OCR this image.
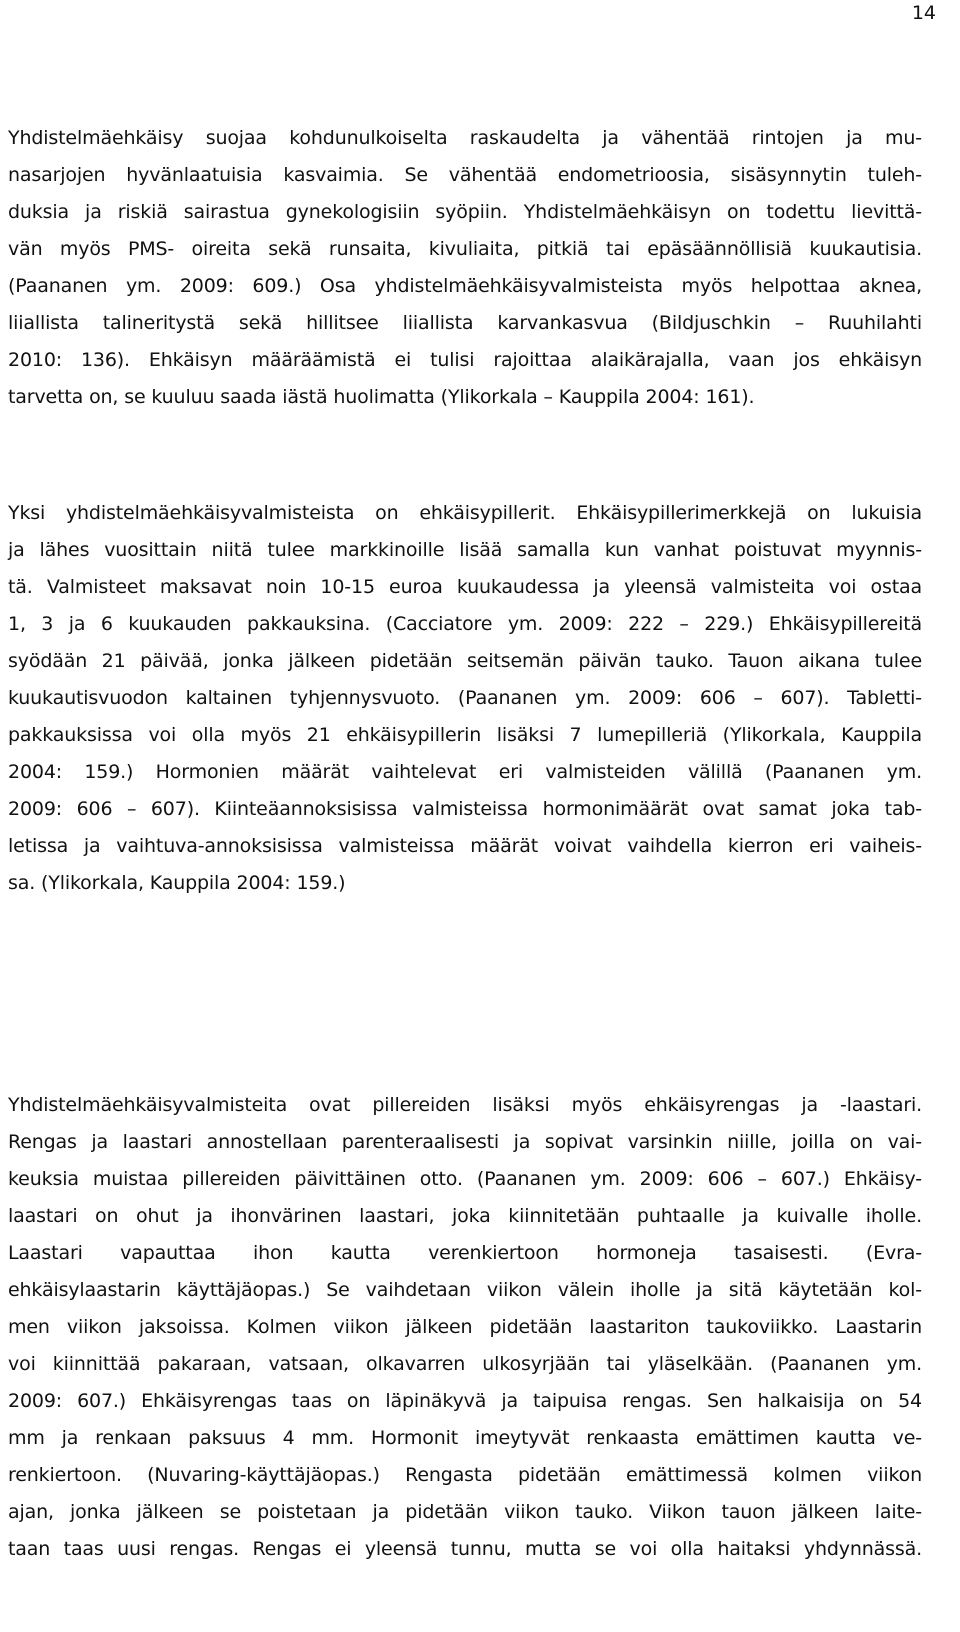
14
Yhdistelmäehkäisy suojaa kohdunulkoiselta raskaudelta ja vähentää rintojen ja mu-
nasarjojen hyvänlaatuisia kasvaimia. Se vähentää endometrioosia, sisäsynnytin tuleh-
duksia ja riskiä sairastua gynekologisiin syöpiin. Yhdistelmäehkäisyn on todettu lievittä-
vän myös PMS- oireita sekä runsaita, kivuliaita, pitkiä tai epäsäännöllisiä kuukautisia.
(Paananen ym. 2009: 609.) Osa yhdistelmäehkäisyvalmisteista myös helpottaa aknea,
liiallista talineritystä sekä hillitsee liiallista karvankasvua (Bildjuschkin – Ruuhilahti
2010: 136). Ehkäisyn määräämistä ei tulisi rajoittaa alaikärajalla, vaan jos ehkäisyn
tarvetta on, se kuuluu saada iästä huolimatta (Ylikorkala – Kauppila 2004: 161).
Yksi yhdistelmäehkäisyvalmisteista on ehkäisypillerit. Ehkäisypillerimerkkejä on lukuisia
ja lähes vuosittain niitä tulee markkinoille lisää samalla kun vanhat poistuvat myynnis-
tä. Valmisteet maksavat noin 10-15 euroa kuukaudessa ja yleensä valmisteita voi ostaa
1, 3 ja 6 kuukauden pakkauksina. (Cacciatore ym. 2009: 222 – 229.) Ehkäisypillereitä
syödään 21 päivää, jonka jälkeen pidetään seitsemän päivän tauko. Tauon aikana tulee
kuukautisvuodon kaltainen tyhjennysvuoto. (Paananen ym. 2009: 606 – 607). Tabletti-
pakkauksissa voi olla myös 21 ehkäisypillerin lisäksi 7 lumepilleriä (Ylikorkala, Kauppila
2004: 159.) Hormonien määrät vaihtelevat eri valmisteiden välillä (Paananen ym.
2009: 606 – 607). Kiinteäannoksisissa valmisteissa hormonimäärät ovat samat joka tab-
letissa ja vaihtuva-annoksisissa valmisteissa määrät voivat vaihdella kierron eri vaiheis-
sa. (Ylikorkala, Kauppila 2004: 159.)
Yhdistelmäehkäisyvalmisteita ovat pillereiden lisäksi myös ehkäisyrengas ja -laastari.
Rengas ja laastari annostellaan parenteraalisesti ja sopivat varsinkin niille, joilla on vai-
keuksia muistaa pillereiden päivittäinen otto. (Paananen ym. 2009: 606 – 607.) Ehkäisy-
laastari on ohut ja ihonvärinen laastari, joka kiinnitetään puhtaalle ja kuivalle iholle.
Laastari vapauttaa ihon kautta verenkiertoon hormoneja tasaisesti. (Evra-
ehkäisylaastarin käyttäjäopas.) Se vaihdetaan viikon välein iholle ja sitä käytetään kol-
men viikon jaksoissa. Kolmen viikon jälkeen pidetään laastariton taukoviikko. Laastarin
voi kiinnittää pakaraan, vatsaan, olkavarren ulkosyrjään tai yläselkään. (Paananen ym.
2009: 607.) Ehkäisyrengas taas on läpinäkyvä ja taipuisa rengas. Sen halkaisija on 54
mm ja renkaan paksuus 4 mm. Hormonit imeytyvät renkaasta emättimen kautta ve-
renkiertoon. (Nuvaring-käyttäjäopas.) Rengasta pidetään emättimessä kolmen viikon
ajan, jonka jälkeen se poistetaan ja pidetään viikon tauko. Viikon tauon jälkeen laite-
taan taas uusi rengas. Rengas ei yleensä tunnu, mutta se voi olla haitaksi yhdynnässä.
